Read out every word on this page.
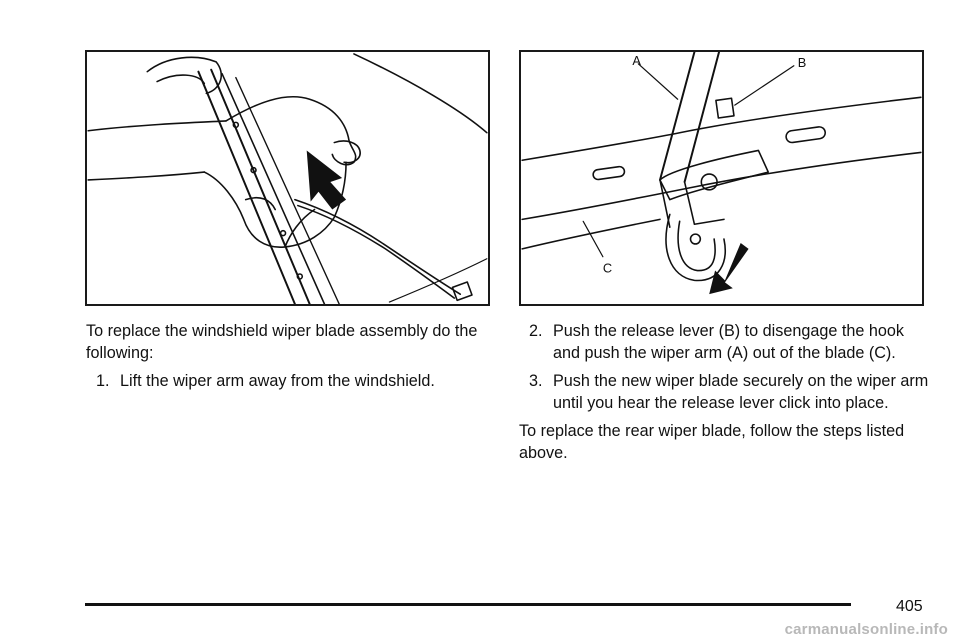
A	B
C

To replace the windshield wiper blade assembly do the following:

1. Lift the wiper arm away from the windshield.
2. Push the release lever (B) to disengage the hook and push the wiper arm (A) out of the blade (C).
3. Push the new wiper blade securely on the wiper arm until you hear the release lever click into place.

To replace the rear wiper blade, follow the steps listed above.

405
carmanualsonline.info
